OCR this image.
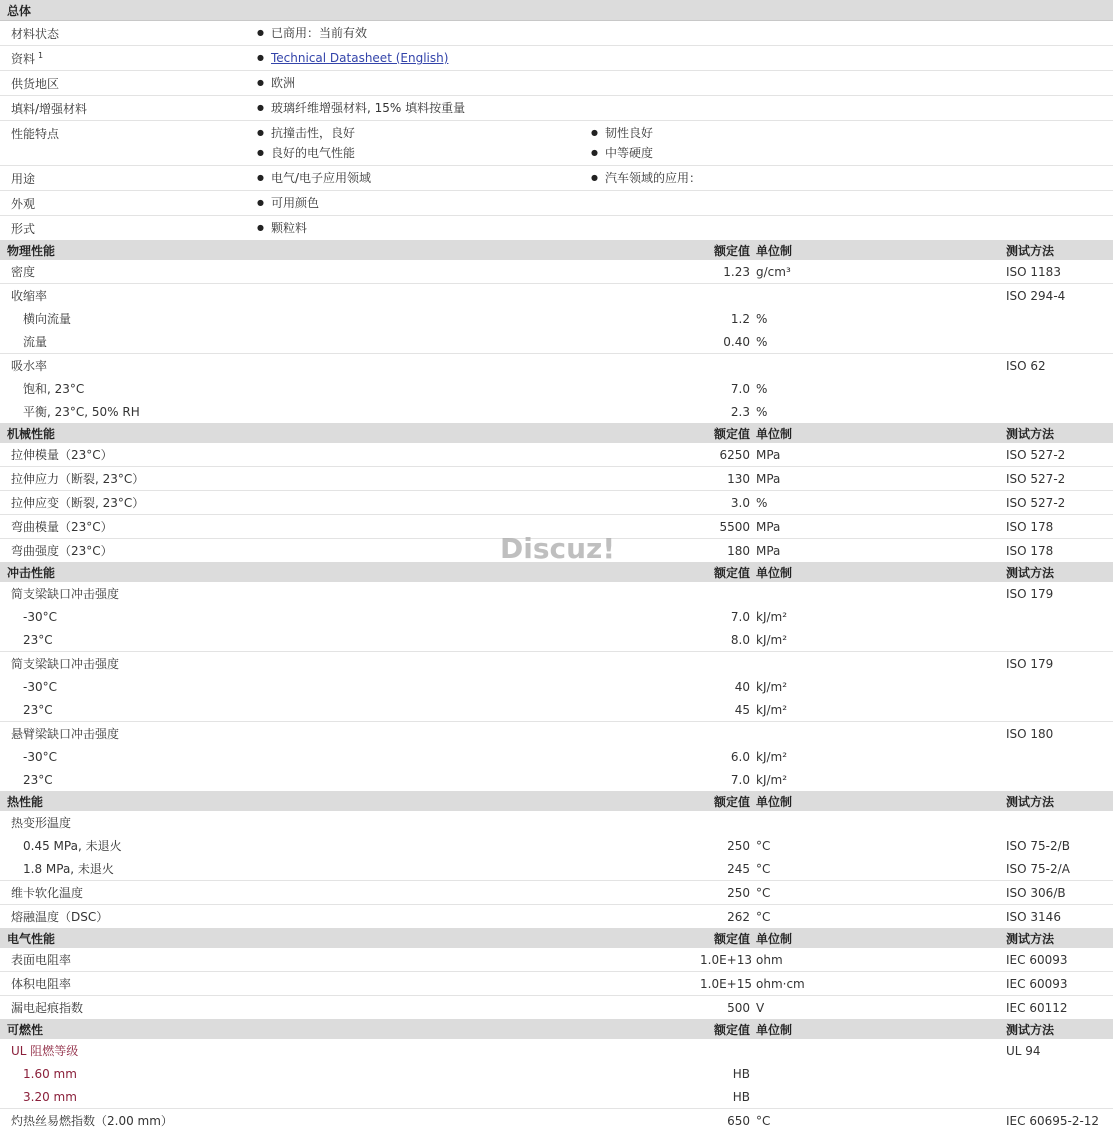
总体
材料状态	● 已商用：当前有效
资料 $^1$	● Technical Datasheet (English)
供货地区	● 欧洲
填料/增强材料	● 玻璃纤维增强材料, 15% 填料按重量
性能特点	● 抗撞击性，良好	● 韧性良好
● 良好的电气性能	● 中等硬度
用途	● 电气/电子应用领域	● 汽车领域的应用：
外观	● 可用颜色
形式	● 颗粒料
物理性能	额定值 单位制	测试方法
密度	1.23 g/cm³	ISO 1183
收缩率	ISO 294-4
横向流量	1.2 %
流量	0.40 %
吸水率	ISO 62
饱和, 23°C	7.0 %
平衡, 23°C, 50% RH	2.3 %
机械性能	额定值 单位制	测试方法
拉伸模量（23°C）	6250 MPa	ISO 527-2
拉伸应力（断裂, 23°C）	130 MPa	ISO 527-2
拉伸应变（断裂, 23°C）	3.0 %	ISO 527-2
弯曲模量（23°C）	5500 MPa	ISO 178
弯曲强度（23°C）	180 MPa	ISO 178
冲击性能	额定值 单位制	测试方法
简支梁缺口冲击强度	ISO 179
-30°C	7.0 kJ/m²
23°C	8.0 kJ/m²
简支梁缺口冲击强度	ISO 179
-30°C	40 kJ/m²
23°C	45 kJ/m²
悬臂梁缺口冲击强度	ISO 180
-30°C	6.0 kJ/m²
23°C	7.0 kJ/m²
热性能	额定值 单位制	测试方法
热变形温度
0.45 MPa, 未退火	250 °C	ISO 75-2/B
1.8 MPa, 未退火	245 °C	ISO 75-2/A
维卡软化温度	250 °C	ISO 306/B
熔融温度（DSC）	262 °C	ISO 3146
电气性能	额定值 单位制	测试方法
表面电阻率	1.0E+13 ohm	IEC 60093
体积电阻率	1.0E+15 ohm·cm	IEC 60093
漏电起痕指数	500 V	IEC 60112
可燃性	额定值 单位制	测试方法
UL 阻燃等级	UL 94
1.60 mm	HB
3.20 mm	HB
灼热丝易燃指数（2.00 mm）	650 °C	IEC 60695-2-12
Discuz!
